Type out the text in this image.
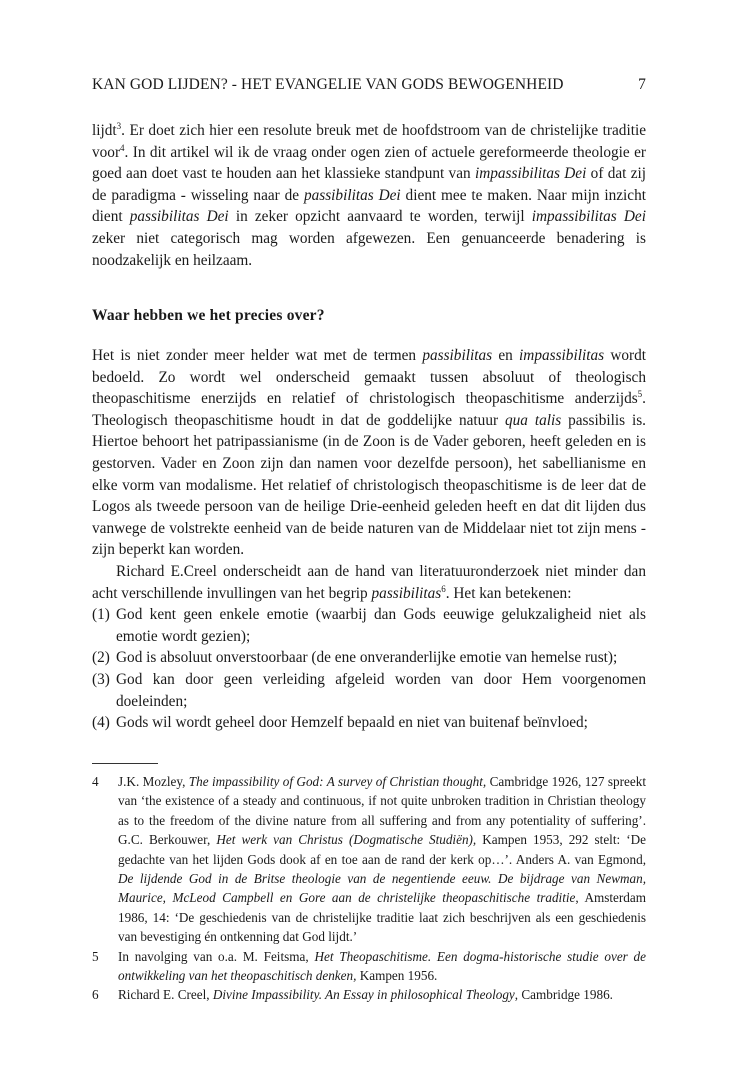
KAN GOD LIJDEN? - HET EVANGELIE VAN GODS BEWOGENHEID	7

lijdt$^3$. Er doet zich hier een resolute breuk met de hoofdstroom van de christelijke traditie voor$^4$. In dit artikel wil ik de vraag onder ogen zien of actuele gereformeerde theologie er goed aan doet vast te houden aan het klassieke standpunt van impassibilitas Dei of dat zij de paradigma - wisseling naar de passibilitas Dei dient mee te maken. Naar mijn inzicht dient passibilitas Dei in zeker opzicht aanvaard te worden, terwijl impassibilitas Dei zeker niet categorisch mag worden afgewezen. Een genuanceerde benadering is noodzakelijk en heilzaam.

Waar hebben we het precies over?

Het is niet zonder meer helder wat met de termen passibilitas en impassibilitas wordt bedoeld. Zo wordt wel onderscheid gemaakt tussen absoluut of theologisch theopaschitisme enerzijds en relatief of christologisch theopaschitisme anderzijds$^5$. Theologisch theopaschitisme houdt in dat de goddelijke natuur qua talis passibilis is. Hiertoe behoort het patripassianisme (in de Zoon is de Vader geboren, heeft geleden en is gestorven. Vader en Zoon zijn dan namen voor dezelfde persoon), het sabellianisme en elke vorm van modalisme. Het relatief of christologisch theopaschitisme is de leer dat de Logos als tweede persoon van de heilige Drie-eenheid geleden heeft en dat dit lijden dus vanwege de volstrekte eenheid van de beide naturen van de Middelaar niet tot zijn mens - zijn beperkt kan worden.

Richard E.Creel onderscheidt aan de hand van literatuuronderzoek niet minder dan acht verschillende invullingen van het begrip passibilitas$^6$. Het kan betekenen:

(1) God kent geen enkele emotie (waarbij dan Gods eeuwige gelukzaligheid niet als emotie wordt gezien);
(2) God is absoluut onverstoorbaar (de ene onveranderlijke emotie van hemelse rust);
(3) God kan door geen verleiding afgeleid worden van door Hem voorgenomen doeleinden;
(4) Gods wil wordt geheel door Hemzelf bepaald en niet van buitenaf beïnvloed;

4 J.K. Mozley, The impassibility of God: A survey of Christian thought, Cambridge 1926, 127 spreekt van ‘the existence of a steady and continuous, if not quite unbroken tradition in Christian theology as to the freedom of the divine nature from all suffering and from any potentiality of suffering’. G.C. Berkouwer, Het werk van Christus (Dogmatische Studiën), Kampen 1953, 292 stelt: ‘De gedachte van het lijden Gods dook af en toe aan de rand der kerk op…’. Anders A. van Egmond, De lijdende God in de Britse theologie van de negentiende eeuw. De bijdrage van Newman, Maurice, McLeod Campbell en Gore aan de christelijke theopaschitische traditie, Amsterdam 1986, 14: ‘De geschiedenis van de christelijke traditie laat zich beschrijven als een geschiedenis van bevestiging én ontkenning dat God lijdt.’

5 In navolging van o.a. M. Feitsma, Het Theopaschitisme. Een dogma-historische studie over de ontwikkeling van het theopaschitisch denken, Kampen 1956.

6 Richard E. Creel, Divine Impassibility. An Essay in philosophical Theology, Cambridge 1986.
